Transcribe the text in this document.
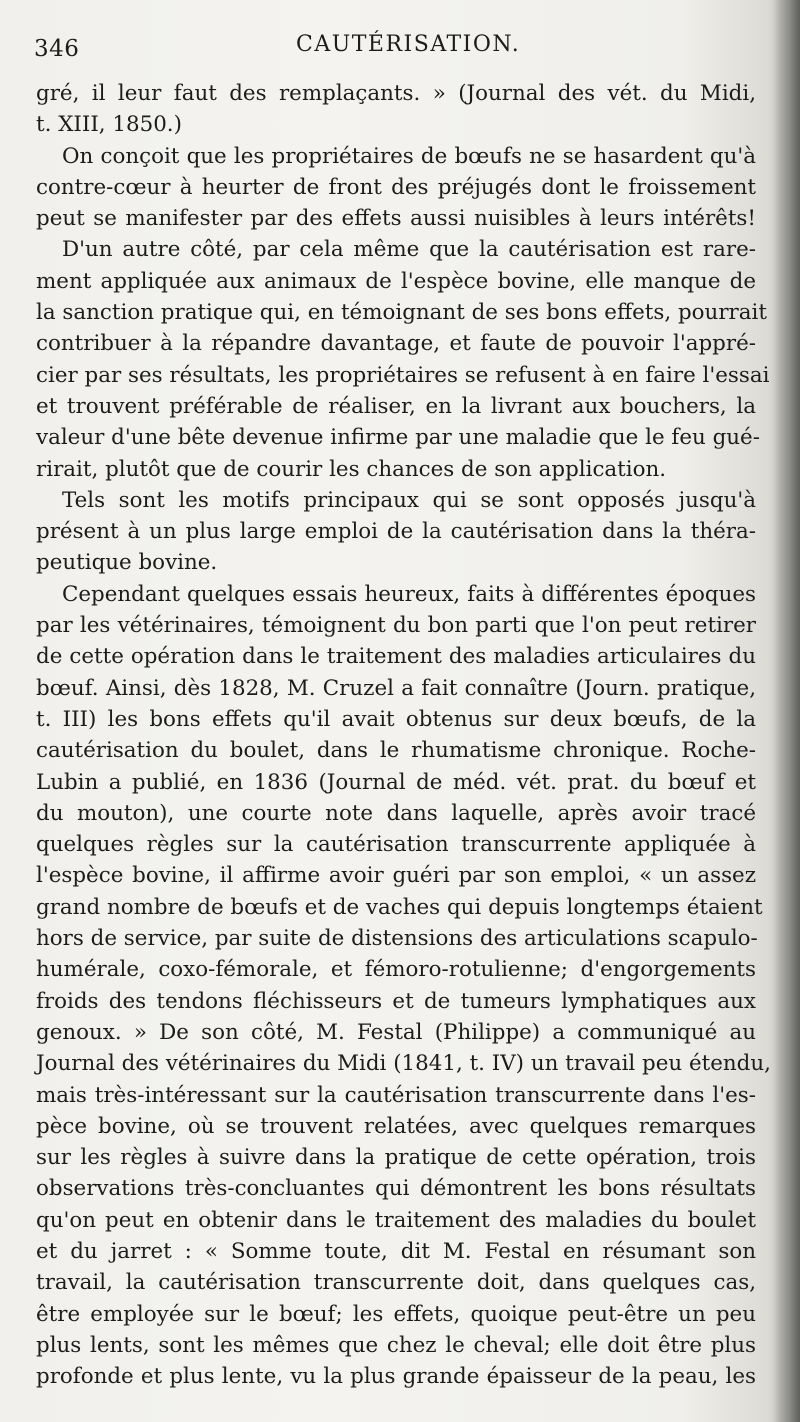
346	CAUTÉRISATION.
gré, il leur faut des remplaçants. » (Journal des vét. du Midi,
t. XIII, 1850.)
On conçoit que les propriétaires de bœufs ne se hasardent qu'à
contre-cœur à heurter de front des préjugés dont le froissement
peut se manifester par des effets aussi nuisibles à leurs intérêts!
D'un autre côté, par cela même que la cautérisation est rare-
ment appliquée aux animaux de l'espèce bovine, elle manque de
la sanction pratique qui, en témoignant de ses bons effets, pourrait
contribuer à la répandre davantage, et faute de pouvoir l'appré-
cier par ses résultats, les propriétaires se refusent à en faire l'essai
et trouvent préférable de réaliser, en la livrant aux bouchers, la
valeur d'une bête devenue infirme par une maladie que le feu gué-
rirait, plutôt que de courir les chances de son application.
Tels sont les motifs principaux qui se sont opposés jusqu'à
présent à un plus large emploi de la cautérisation dans la théra-
peutique bovine.
Cependant quelques essais heureux, faits à différentes époques
par les vétérinaires, témoignent du bon parti que l'on peut retirer
de cette opération dans le traitement des maladies articulaires du
bœuf. Ainsi, dès 1828, M. Cruzel a fait connaître (Journ. pratique,
t. III) les bons effets qu'il avait obtenus sur deux bœufs, de la
cautérisation du boulet, dans le rhumatisme chronique. Roche-
Lubin a publié, en 1836 (Journal de méd. vét. prat. du bœuf et
du mouton), une courte note dans laquelle, après avoir tracé
quelques règles sur la cautérisation transcurrente appliquée à
l'espèce bovine, il affirme avoir guéri par son emploi, « un assez
grand nombre de bœufs et de vaches qui depuis longtemps étaient
hors de service, par suite de distensions des articulations scapulo-
humérale, coxo-fémorale, et fémoro-rotulienne; d'engorgements
froids des tendons fléchisseurs et de tumeurs lymphatiques aux
genoux. » De son côté, M. Festal (Philippe) a communiqué au
Journal des vétérinaires du Midi (1841, t. IV) un travail peu étendu,
mais très-intéressant sur la cautérisation transcurrente dans l'es-
pèce bovine, où se trouvent relatées, avec quelques remarques
sur les règles à suivre dans la pratique de cette opération, trois
observations très-concluantes qui démontrent les bons résultats
qu'on peut en obtenir dans le traitement des maladies du boulet
et du jarret : « Somme toute, dit M. Festal en résumant son
travail, la cautérisation transcurrente doit, dans quelques cas,
être employée sur le bœuf; les effets, quoique peut-être un peu
plus lents, sont les mêmes que chez le cheval; elle doit être plus
profonde et plus lente, vu la plus grande épaisseur de la peau, les
